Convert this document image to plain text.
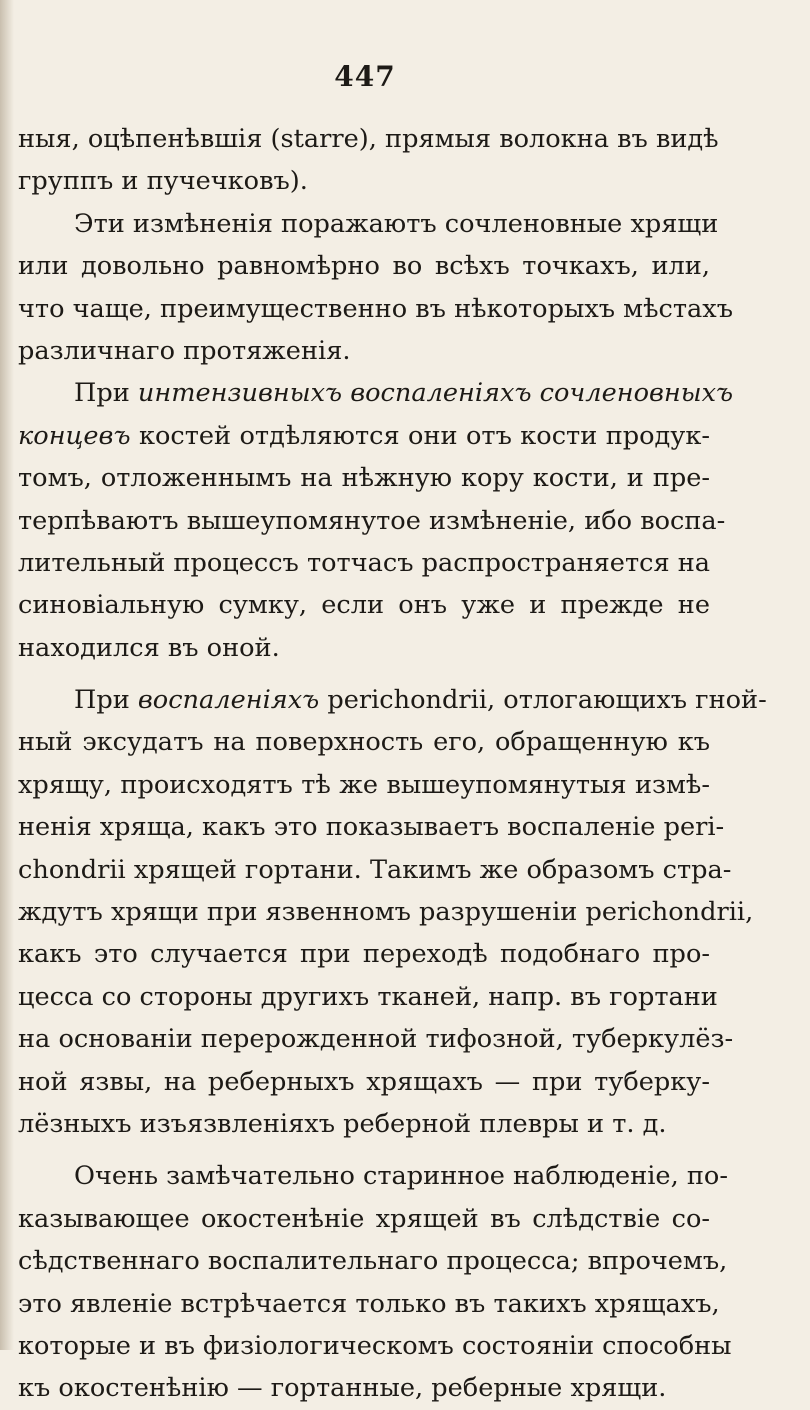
447
ныя, оцѣпенѣвшія (starre), прямыя волокна въ видѣ
группъ и пучечковъ).
Эти измѣненія поражаютъ сочленовные хрящи
или довольно равномѣрно во всѣхъ точкахъ, или,
что чаще, преимущественно въ нѣкоторыхъ мѣстахъ
различнаго протяженія.
При интензивныхъ воспаленіяхъ сочленовныхъ
концевъ костей отдѣляются они отъ кости продук-
томъ, отложеннымъ на нѣжную кору кости, и пре-
терпѣваютъ вышеупомянутое измѣненіе, ибо воспа-
лительный процессъ тотчасъ распространяется на
синовіальную сумку, если онъ уже и прежде не
находился въ оной.
При воспаленіяхъ perichondrii, отлогающихъ гной-
ный эксудатъ на поверхность его, обращенную къ
хрящу, происходятъ тѣ же вышеупомянутыя измѣ-
ненія хряща, какъ это показываетъ воспаленіе peri-
chondrii хрящей гортани. Такимъ же образомъ стра-
ждутъ хрящи при язвенномъ разрушеніи perichondrii,
какъ это случается при переходѣ подобнаго про-
цесса со стороны другихъ тканей, напр. въ гортани
на основаніи перерожденной тифозной, туберкулёз-
ной язвы, на реберныхъ хрящахъ — при туберку-
лёзныхъ изъязвленіяхъ реберной плевры и т. д.
Очень замѣчательно старинное наблюденіе, по-
казывающее окостенѣніе хрящей въ слѣдствіе со-
сѣдственнаго воспалительнаго процесса; впрочемъ,
это явленіе встрѣчается только въ такихъ хрящахъ,
которые и въ физіологическомъ состояніи способны
къ окостенѣнію — гортанные, реберные хрящи.
